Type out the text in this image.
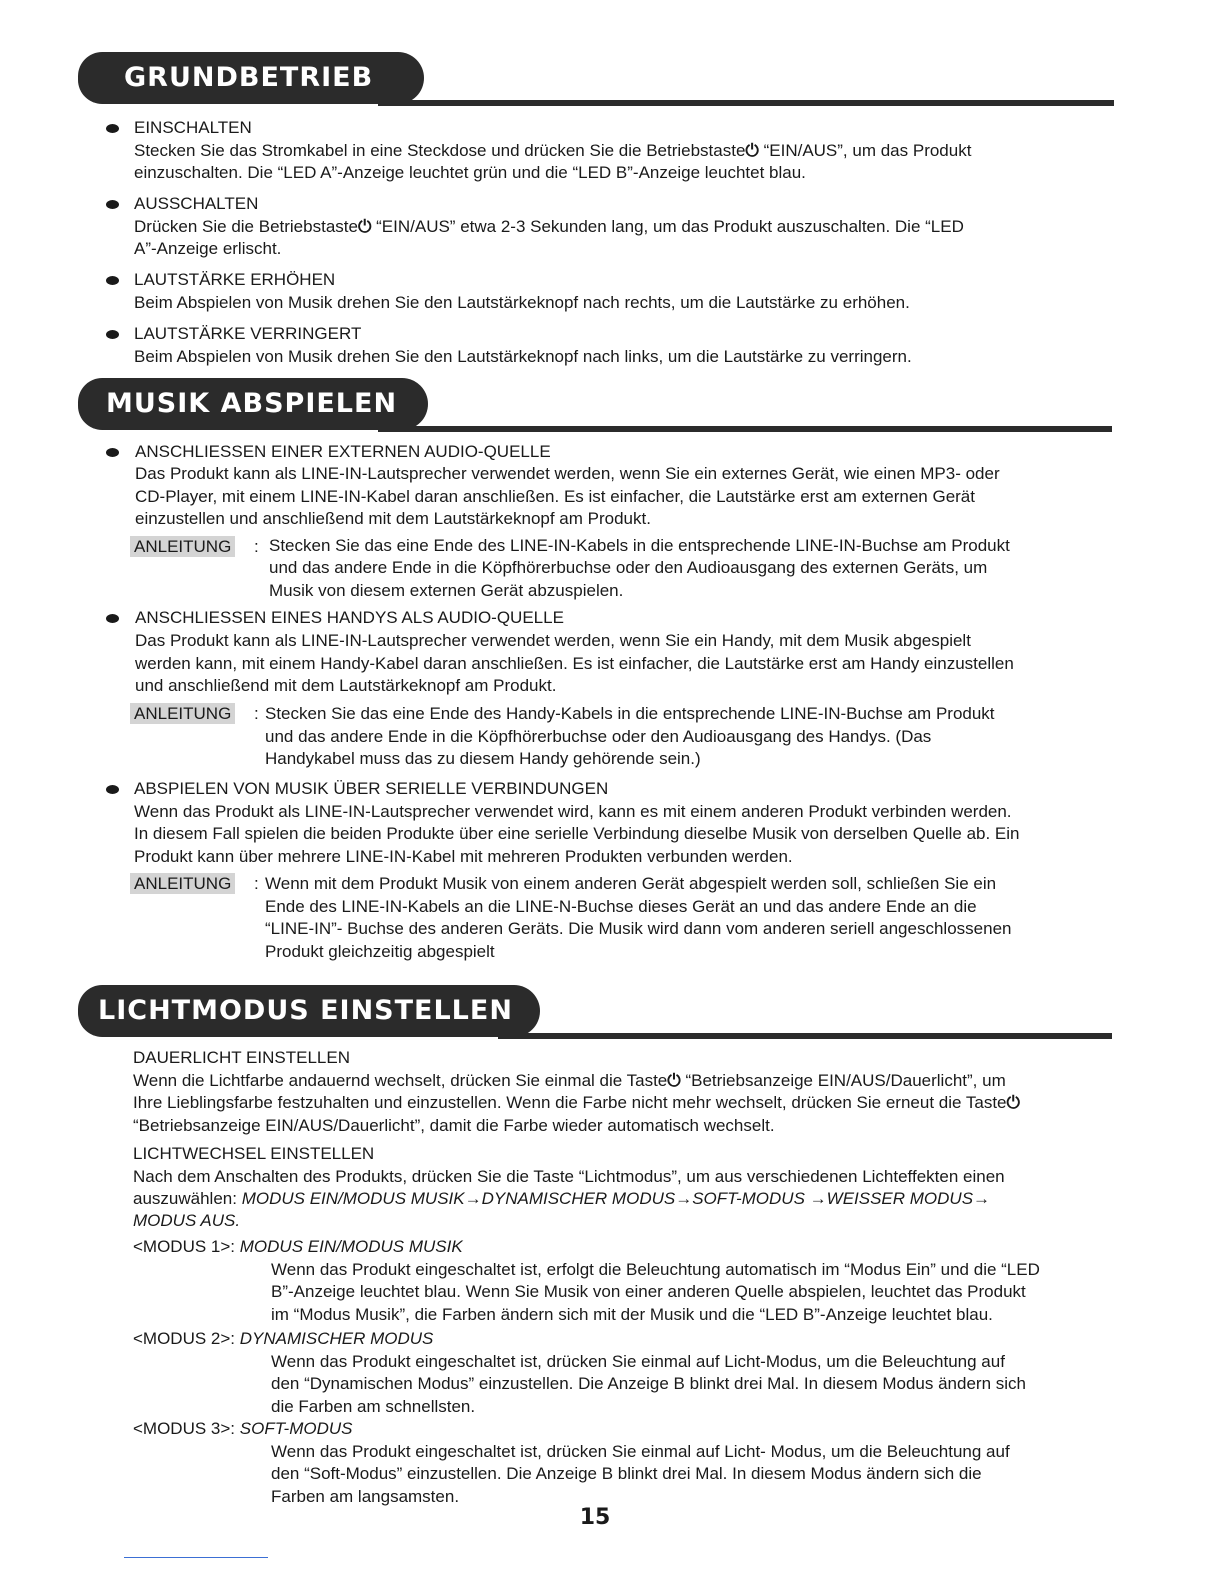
GRUNDBETRIEB

EINSCHALTEN

Stecken Sie das Stromkabel in eine Steckdose und drücken Sie die Betriebstaste⏻ “EIN/AUS”, um das Produkt

einzuschalten. Die “LED A”-Anzeige leuchtet grün und die “LED B”-Anzeige leuchtet blau.

AUSSCHALTEN

Drücken Sie die Betriebstaste⏻ “EIN/AUS” etwa 2-3 Sekunden lang, um das Produkt auszuschalten. Die “LED

A”-Anzeige erlischt.

LAUTSTÄRKE ERHÖHEN

Beim Abspielen von Musik drehen Sie den Lautstärkeknopf nach rechts, um die Lautstärke zu erhöhen.

LAUTSTÄRKE VERRINGERT

Beim Abspielen von Musik drehen Sie den Lautstärkeknopf nach links, um die Lautstärke zu verringern.

MUSIK ABSPIELEN

ANSCHLIESSEN EINER EXTERNEN AUDIO-QUELLE

Das Produkt kann als LINE-IN-Lautsprecher verwendet werden, wenn Sie ein externes Gerät, wie einen MP3- oder

CD-Player, mit einem LINE-IN-Kabel daran anschließen. Es ist einfacher, die Lautstärke erst am externen Gerät

einzustellen und anschließend mit dem Lautstärkeknopf am Produkt.

ANLEITUNG : Stecken Sie das eine Ende des LINE-IN-Kabels in die entsprechende LINE-IN-Buchse am Produkt

und das andere Ende in die Köpfhörerbuchse oder den Audioausgang des externen Geräts, um

Musik von diesem externen Gerät abzuspielen.

ANSCHLIESSEN EINES HANDYS ALS AUDIO-QUELLE

Das Produkt kann als LINE-IN-Lautsprecher verwendet werden, wenn Sie ein Handy, mit dem Musik abgespielt

werden kann, mit einem Handy-Kabel daran anschließen. Es ist einfacher, die Lautstärke erst am Handy einzustellen

und anschließend mit dem Lautstärkeknopf am Produkt.

ANLEITUNG : Stecken Sie das eine Ende des Handy-Kabels in die entsprechende LINE-IN-Buchse am Produkt

und das andere Ende in die Köpfhörerbuchse oder den Audioausgang des Handys. (Das

Handykabel muss das zu diesem Handy gehörende sein.)

ABSPIELEN VON MUSIK ÜBER SERIELLE VERBINDUNGEN

Wenn das Produkt als LINE-IN-Lautsprecher verwendet wird, kann es mit einem anderen Produkt verbinden werden.

In diesem Fall spielen die beiden Produkte über eine serielle Verbindung dieselbe Musik von derselben Quelle ab. Ein

Produkt kann über mehrere LINE-IN-Kabel mit mehreren Produkten verbunden werden.

ANLEITUNG : Wenn mit dem Produkt Musik von einem anderen Gerät abgespielt werden soll, schließen Sie ein

Ende des LINE-IN-Kabels an die LINE-N-Buchse dieses Gerät an und das andere Ende an die

“LINE-IN”- Buchse des anderen Geräts. Die Musik wird dann vom anderen seriell angeschlossenen

Produkt gleichzeitig abgespielt

LICHTMODUS EINSTELLEN

DAUERLICHT EINSTELLEN

Wenn die Lichtfarbe andauernd wechselt, drücken Sie einmal die Taste⏻ “Betriebsanzeige EIN/AUS/Dauerlicht”, um

Ihre Lieblingsfarbe festzuhalten und einzustellen. Wenn die Farbe nicht mehr wechselt, drücken Sie erneut die Taste⏻

“Betriebsanzeige EIN/AUS/Dauerlicht”, damit die Farbe wieder automatisch wechselt.

LICHTWECHSEL EINSTELLEN

Nach dem Anschalten des Produkts, drücken Sie die Taste “Lichtmodus”, um aus verschiedenen Lichteffekten einen

auszuwählen: MODUS EIN/MODUS MUSIK→DYNAMISCHER MODUS→SOFT-MODUS →WEISSER MODUS→

MODUS AUS.

<MODUS 1>: MODUS EIN/MODUS MUSIK

Wenn das Produkt eingeschaltet ist, erfolgt die Beleuchtung automatisch im “Modus Ein” und die “LED

B”-Anzeige leuchtet blau. Wenn Sie Musik von einer anderen Quelle abspielen, leuchtet das Produkt

im “Modus Musik”, die Farben ändern sich mit der Musik und die “LED B”-Anzeige leuchtet blau.

<MODUS 2>: DYNAMISCHER MODUS

Wenn das Produkt eingeschaltet ist, drücken Sie einmal auf Licht-Modus, um die Beleuchtung auf

den “Dynamischen Modus” einzustellen. Die Anzeige B blinkt drei Mal. In diesem Modus ändern sich

die Farben am schnellsten.

<MODUS 3>: SOFT-MODUS

Wenn das Produkt eingeschaltet ist, drücken Sie einmal auf Licht- Modus, um die Beleuchtung auf

den “Soft-Modus” einzustellen. Die Anzeige B blinkt drei Mal. In diesem Modus ändern sich die

Farben am langsamsten.

15
